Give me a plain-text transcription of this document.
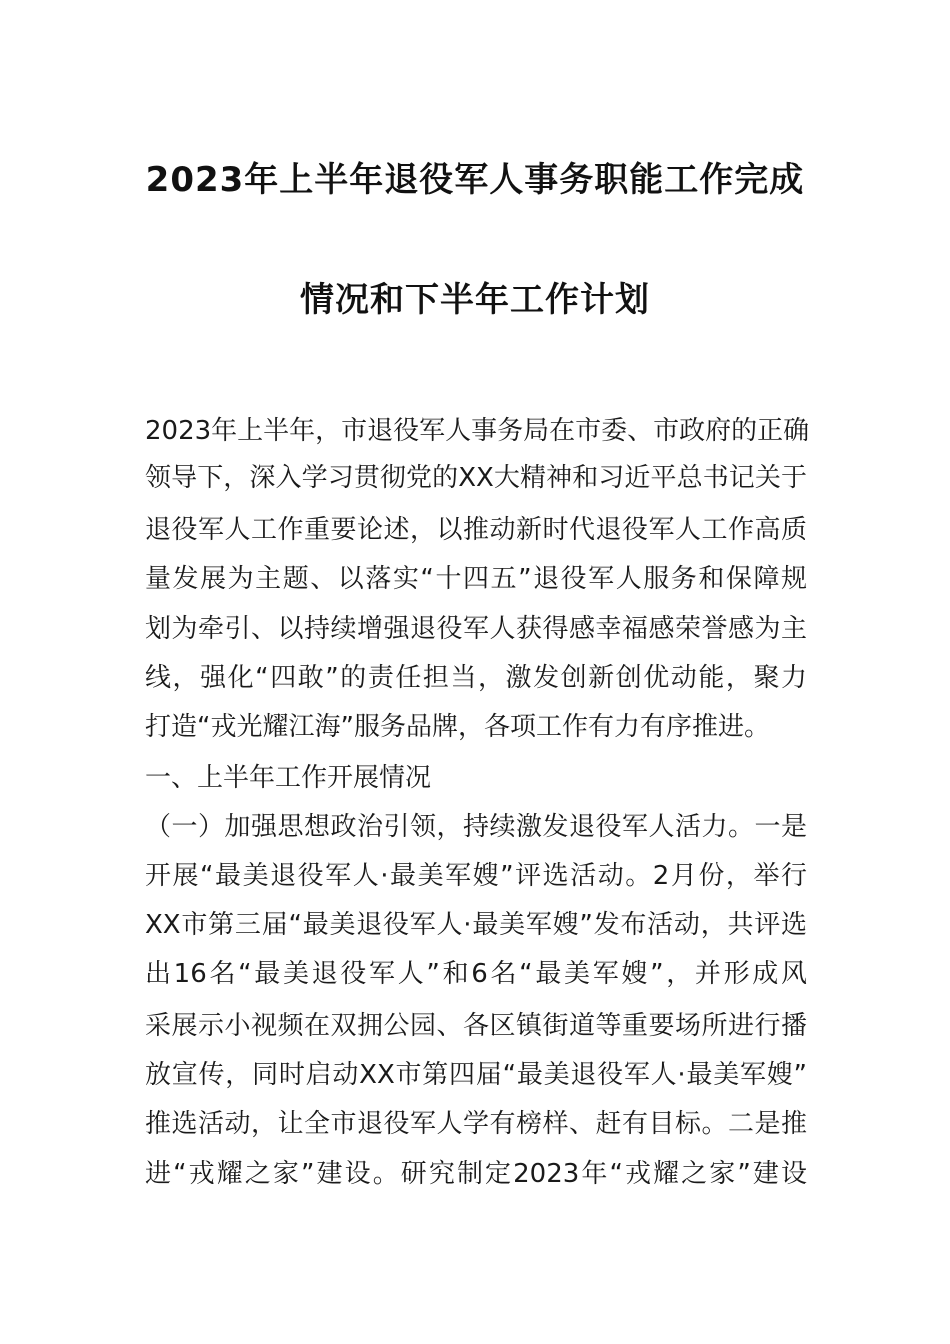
2023年上半年退役军人事务职能工作完成
情况和下半年工作计划
2023年上半年，市退役军人事务局在市委、市政府的正确
领导下，深入学习贯彻党的XX大精神和习近平总书记关于
退役军人工作重要论述，以推动新时代退役军人工作高质
量发展为主题、以落实“十四五”退役军人服务和保障规
划为牵引、以持续增强退役军人获得感幸福感荣誉感为主
线，强化“四敢”的责任担当，激发创新创优动能，聚力
打造“戎光耀江海”服务品牌，各项工作有力有序推进。
一、上半年工作开展情况
（一）加强思想政治引领，持续激发退役军人活力。一是
开展“最美退役军人·最美军嫂”评选活动。2月份，举行
XX市第三届“最美退役军人·最美军嫂”发布活动，共评选
出16名“最美退役军人”和6名“最美军嫂”，并形成风
采展示小视频在双拥公园、各区镇街道等重要场所进行播
放宣传，同时启动XX市第四届“最美退役军人·最美军嫂”
推选活动，让全市退役军人学有榜样、赶有目标。二是推
进“戎耀之家”建设。研究制定2023年“戎耀之家”建设
